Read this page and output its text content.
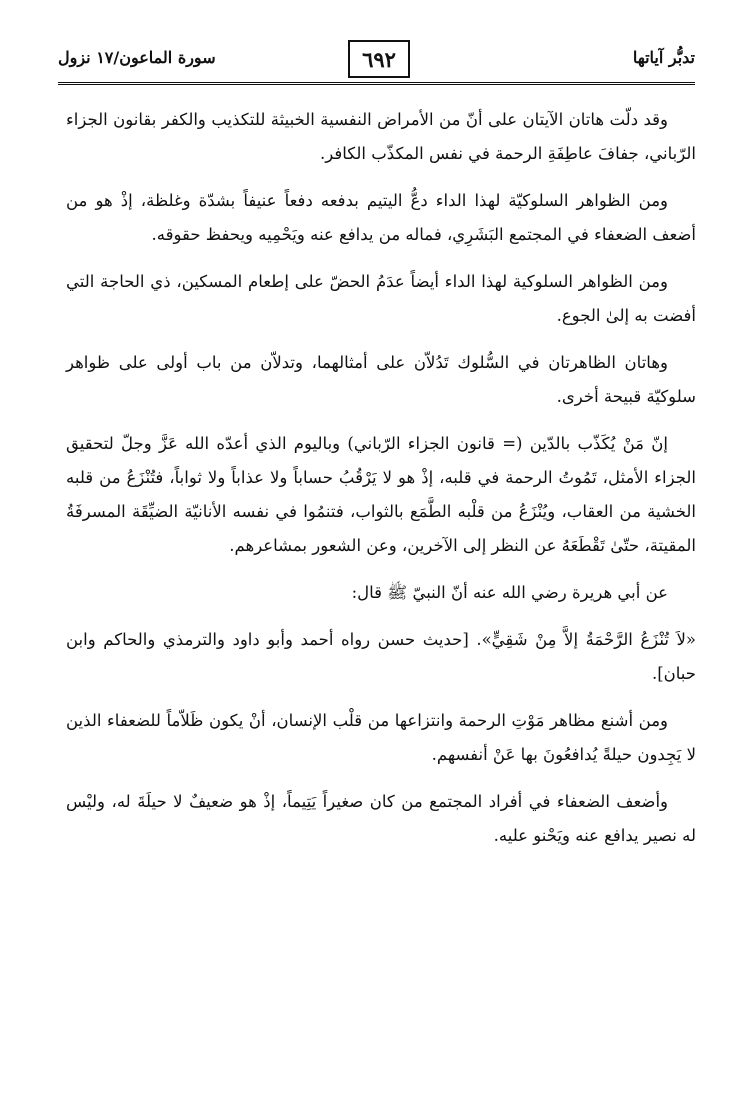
تدبُّر آياتها
٦٩٢
سورة الماعون/١٧ نزول

وقد دلّت هاتان الآيتان على أنّ من الأمراض النفسية الخبيثة للتكذيب والكفر بقانون الجزاء الرّباني، جفافَ عاطِفَةِ الرحمة في نفس المكذّب الكافر.

ومن الظواهر السلوكيّة لهذا الداء دعُّ اليتيم بدفعه دفعاً عنيفاً بشدّة وغلظة، إذْ هو من أضعف الضعفاء في المجتمع البَشَرِي، فماله من يدافع عنه ويَحْمِيه ويحفظ حقوقه.

ومن الظواهر السلوكية لهذا الداء أيضاً عدَمُ الحضّ على إطعام المسكين، ذي الحاجة التي أفضت به إلىٰ الجوع.

وهاتان الظاهرتان في السُّلوك تَدُلاّن على أمثالهما، وتدلاّن من باب أولى على ظواهر سلوكيّة قبيحة أخرى.

إنّ مَنْ يُكَذّب بالدّين (= قانون الجزاء الرّباني) وباليوم الذي أعدّه الله عَزَّ وجلّ لتحقيق الجزاء الأمثل، تَمُوتُ الرحمة في قلبه، إذْ هو لا يَرْقُبُ حساباً ولا عذاباً ولا ثواباً، فتُنْزَعُ من قلبه الخشية من العقاب، ويُنْزَعُ من قلْبه الطَّمَع بالثواب، فتنمُوا في نفسه الأنانيّة الضيِّقَة المسرفَةُ المقيتة، حتّىٰ تَقْطَعَهُ عن النظر إلى الآخرين، وعن الشعور بمشاعرهم.

عن أبي هريرة رضي الله عنه أنّ النبيّ ﷺ قال:

«لاَ تُنْزَعُ الرَّحْمَةُ إلاَّ مِنْ شَقِيٍّ». [حديث حسن رواه أحمد وأبو داود والترمذي والحاكم وابن حبان].

ومن أشنع مظاهر مَوْتِ الرحمة وانتزاعها من قلْب الإنسان، أنْ يكون ظَلاّماً للضعفاء الذين لا يَجِدون حيلةً يُدافعُونَ بها عَنْ أنفسهم.

وأضعف الضعفاء في أفراد المجتمع من كان صغيراً يَتِيماً، إذْ هو ضعيفٌ لا حيلَةَ له، وليْس له نصير يدافع عنه ويَحْنو عليه.
